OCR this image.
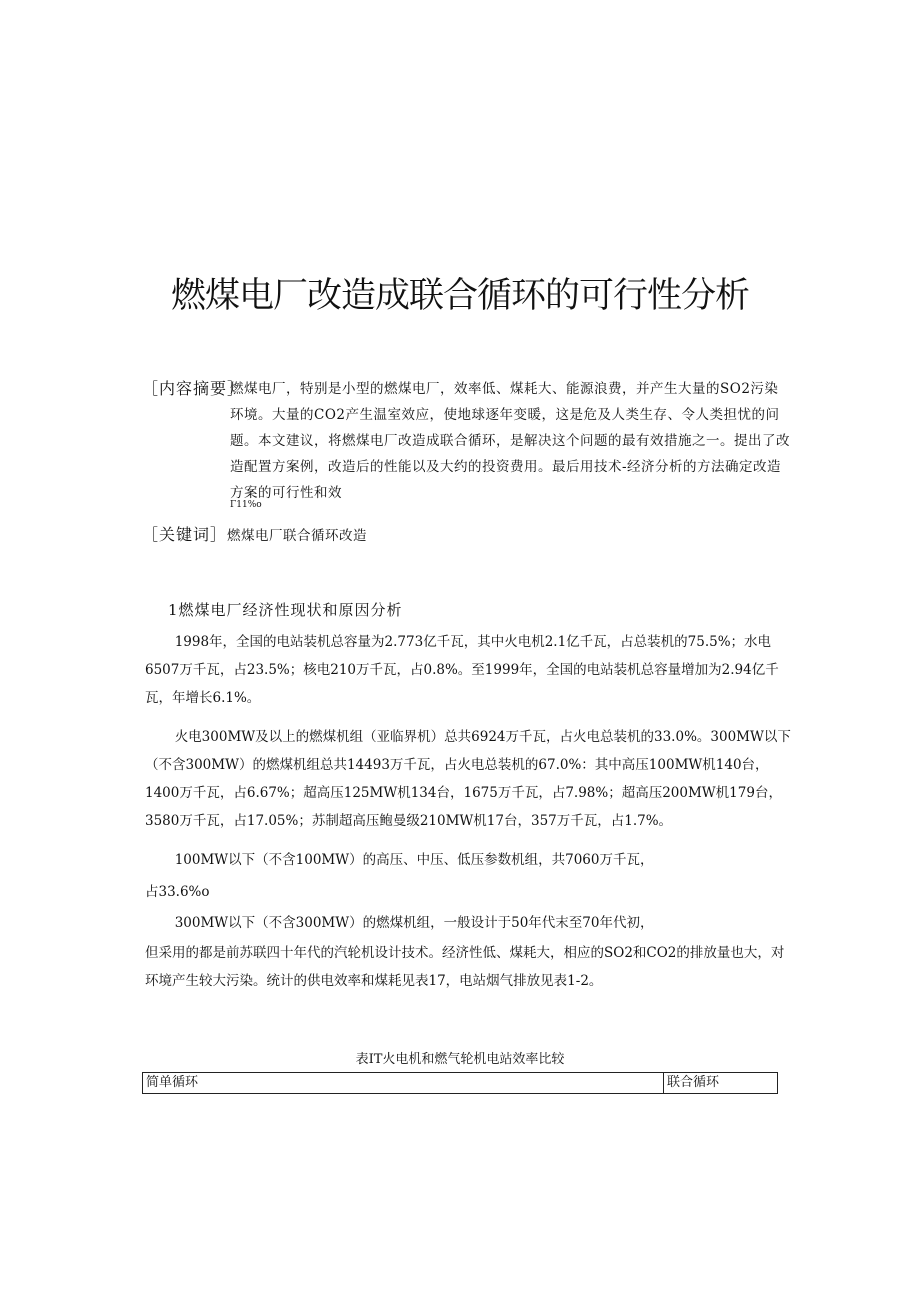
燃煤电厂改造成联合循环的可行性分析
［内容摘要］
燃煤电厂，特别是小型的燃煤电厂，效率低、煤耗大、能源浪费，并产生大量的SO2污染环境。大量的CO2产生温室效应，使地球逐年变暖，这是危及人类生存、令人类担忧的问题。本文建议，将燃煤电厂改造成联合循环，是解决这个问题的最有效措施之一。提出了改造配置方案例，改造后的性能以及大约的投资费用。最后用技术-经济分析的方法确定改造方案的可行性和效
Γ11%o
［关键词］燃煤电厂联合循环改造
1燃煤电厂经济性现状和原因分析
1998年，全国的电站装机总容量为2.773亿千瓦，其中火电机2.1亿千瓦，占总装机的75.5%；水电6507万千瓦，占23.5%；核电210万千瓦，占0.8%。至1999年，全国的电站装机总容量增加为2.94亿千瓦，年增长6.1%。
火电300MW及以上的燃煤机组（亚临界机）总共6924万千瓦，占火电总装机的33.0%。300MW以下（不含300MW）的燃煤机组总共14493万千瓦，占火电总装机的67.0%：其中高压100MW机140台，1400万千瓦，占6.67%；超高压125MW机134台，1675万千瓦，占7.98%；超高压200MW机179台，3580万千瓦，占17.05%；苏制超高压鲍曼级210MW机17台，357万千瓦，占1.7%。
100MW以下（不含100MW）的高压、中压、低压参数机组，共7060万千瓦，
占33.6%o
300MW以下（不含300MW）的燃煤机组，一般设计于50年代末至70年代初，
但采用的都是前苏联四十年代的汽轮机设计技术。经济性低、煤耗大，相应的SO2和CO2的排放量也大，对环境产生较大污染。统计的供电效率和煤耗见表17，电站烟气排放见表1-2。
表IT火电机和燃气轮机电站效率比较
简单循环	联合循环
